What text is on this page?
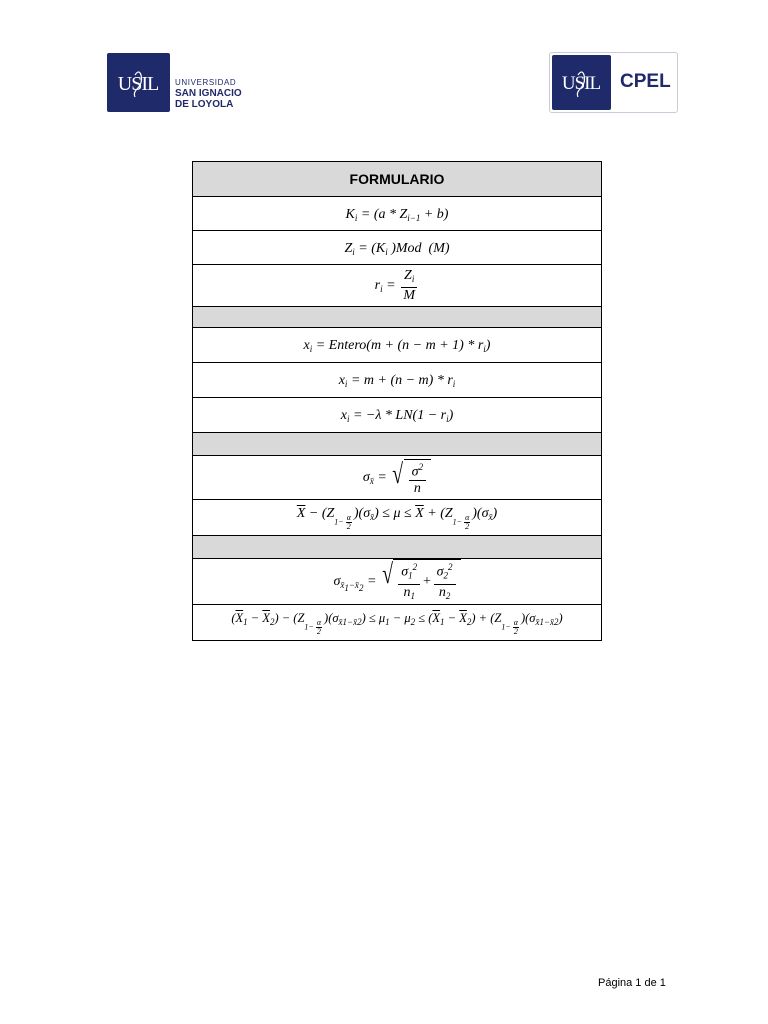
USIL UNIVERSIDAD
SAN IGNACIO
DE LOYOLA
USIL CPEL
FORMULARIO
$K_i = (a * Z_{i-1} + b)$
$Z_i = (K_i$ )Mod  (M)
$r_i = \frac{Z_i}{M}$

$x_i$ = Entero(m + $(n - m + 1) * r_i$)
$x_i = m + (n - m) * r_i$
$x_i = -\lambda * LN(1 - r_i)$

$\sigma_{x̄}$ = √ $\frac{\sigma^2}{n}$

$\overline{X} - (Z1- \frac{\alpha}{2}$
)$(\sigma_{x̄}) \le \mu \le \overline{X} + (Z1- \frac{\alpha}{2}$
)$(\sigma_{x̄})$

$\sigma_{x̄_1-x̄_2}$ = √ $\frac{\sigma_1^2}{n_1} + \frac{\sigma_2^2}{n_2}$

$(\overline{X}_1 - \overline{X}_2) - (Z1- \frac{\alpha}{2}$
)$(\sigma_{x̄1-x̄2}) \le \mu_1 - \mu_2 \le (\overline{X}_1 - \overline{X}_2) + (Z1- \frac{\alpha}{2}$
)$(\sigma_{x̄1-x̄2})$
Página 1 de 1
